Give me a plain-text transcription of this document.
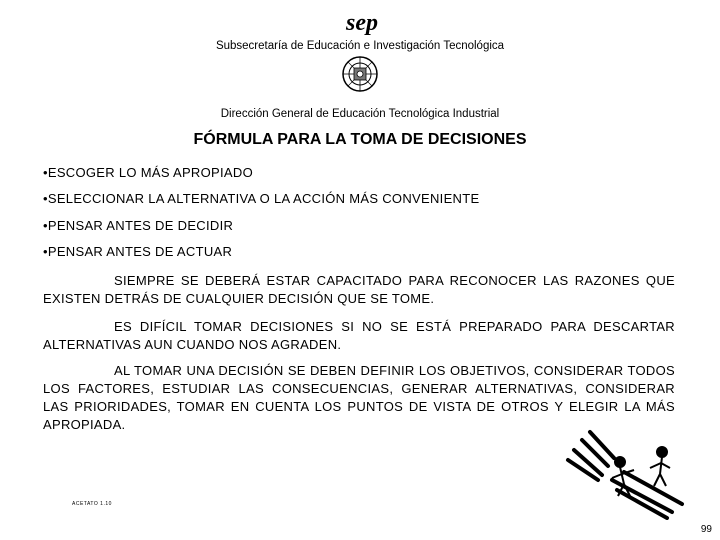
sep
Subsecretaría de Educación e Investigación Tecnológica
Dirección General de Educación Tecnológica Industrial
FÓRMULA PARA LA TOMA DE DECISIONES
•ESCOGER LO MÁS APROPIADO
•SELECCIONAR LA ALTERNATIVA O LA ACCIÓN MÁS CONVENIENTE
•PENSAR ANTES DE DECIDIR
•PENSAR ANTES DE ACTUAR
SIEMPRE SE DEBERÁ ESTAR CAPACITADO PARA RECONOCER LAS RAZONES QUE EXISTEN DETRÁS DE CUALQUIER DECISIÓN QUE SE TOME.
ES DIFÍCIL TOMAR DECISIONES SI NO SE ESTÁ PREPARADO PARA DESCARTAR ALTERNATIVAS AUN CUANDO NOS AGRADEN.
AL TOMAR UNA DECISIÓN SE DEBEN DEFINIR LOS OBJETIVOS, CONSIDERAR TODOS LOS FACTORES, ESTUDIAR LAS CONSECUENCIAS, GENERAR ALTERNATIVAS, CONSIDERAR LAS PRIORIDADES, TOMAR EN CUENTA LOS PUNTOS DE VISTA DE OTROS Y ELEGIR LA MÁS APROPIADA.
ACETATO 1.10
99
